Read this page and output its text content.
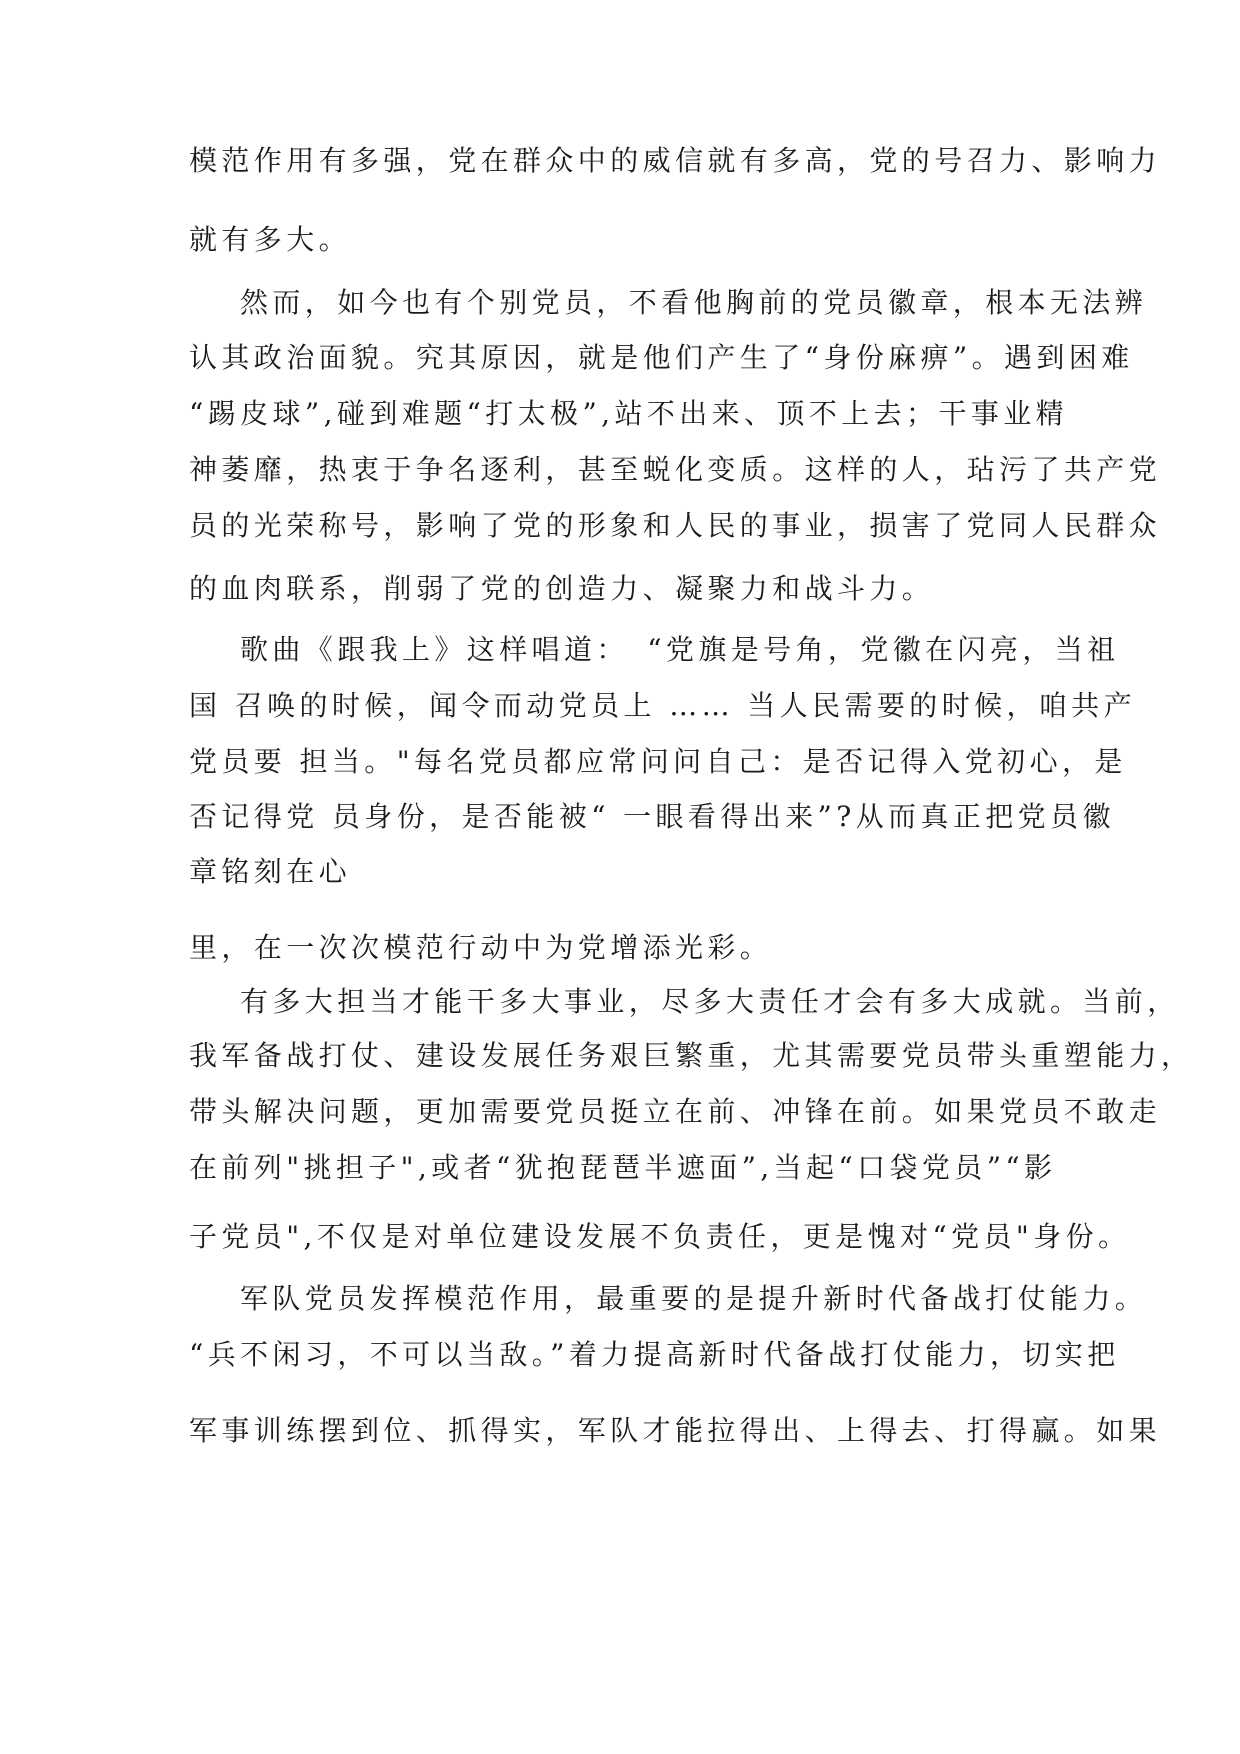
模范作用有多强，党在群众中的威信就有多高，党的号召力、影响力
就有多大。
然而，如今也有个别党员，不看他胸前的党员徽章，根本无法辨
认其政治面貌。究其原因，就是他们产生了“身份麻痹”。遇到困难
“踢皮球”,碰到难题“打太极”,站不出来、顶不上去；干事业精
神萎靡，热衷于争名逐利，甚至蜕化变质。这样的人，玷污了共产党
员的光荣称号，影响了党的形象和人民的事业，损害了党同人民群众
的血肉联系，削弱了党的创造力、凝聚力和战斗力。
歌曲《跟我上》这样唱道：　“党旗是号角，党徽在闪亮，当祖
国 召唤的时候，闻令而动党员上 …… 当人民需要的时候，咱共产
党员要 担当。"每名党员都应常问问自己：是否记得入党初心，是
否记得党 员身份，是否能被“ 一眼看得出来”?从而真正把党员徽
章铭刻在心
里，在一次次模范行动中为党增添光彩。
有多大担当才能干多大事业，尽多大责任才会有多大成就。当前，
我军备战打仗、建设发展任务艰巨繁重，尤其需要党员带头重塑能力，
带头解决问题，更加需要党员挺立在前、冲锋在前。如果党员不敢走
在前列"挑担子",或者“犹抱琵琶半遮面”,当起“口袋党员”“影
子党员",不仅是对单位建设发展不负责任，更是愧对“党员"身份。
军队党员发挥模范作用，最重要的是提升新时代备战打仗能力。
“兵不闲习，不可以当敌。”着力提高新时代备战打仗能力，切实把
军事训练摆到位、抓得实，军队才能拉得出、上得去、打得赢。如果
